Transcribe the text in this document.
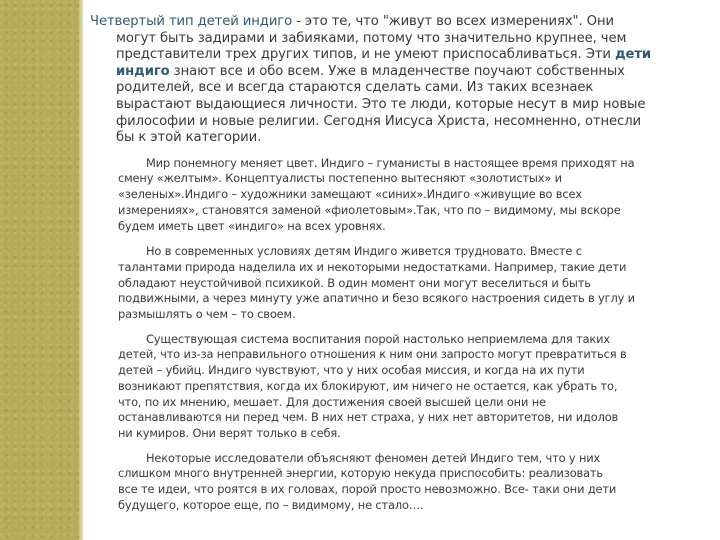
Четвертый тип детей индиго - это те, что "живут во всех измерениях". Они
могут быть задирами и забияками, потому что значительно крупнее, чем
представители трех других типов, и не умеют приспосабливаться. Эти дети
индиго знают все и обо всем. Уже в младенчестве поучают собственных
родителей, все и всегда стараются сделать сами. Из таких всезнаек
вырастают выдающиеся личности. Это те люди, которые несут в мир новые
философии и новые религии. Сегодня Иисуса Христа, несомненно, отнесли
бы к этой категории.

Мир понемногу меняет цвет. Индиго – гуманисты в настоящее время приходят на
смену «желтым». Концептуалисты постепенно вытесняют «золотистых» и
«зеленых».Индиго – художники замещают «синих».Индиго «живущие во всех
измерениях», становятся заменой «фиолетовым».Так, что по – видимому, мы вскоре
будем иметь цвет «индиго» на всех уровнях.

Но в современных условиях детям Индиго живется трудновато. Вместе с
талантами природа наделила их и некоторыми недостатками. Например, такие дети
обладают неустойчивой психикой. В один момент они могут веселиться и быть
подвижными, а через минуту уже апатично и безо всякого настроения сидеть в углу и
размышлять о чем – то своем.

Существующая система воспитания порой настолько неприемлема для таких
детей, что из-за неправильного отношения к ним они запросто могут превратиться в
детей – убийц. Индиго чувствуют, что у них особая миссия, и когда на их пути
возникают препятствия, когда их блокируют, им ничего не остается, как убрать то,
что, по их мнению, мешает. Для достижения своей высшей цели они не
останавливаются ни перед чем. В них нет страха, у них нет авторитетов, ни идолов
ни кумиров. Они верят только в себя.

Некоторые исследователи объясняют феномен детей Индиго тем, что у них
слишком много внутренней энергии, которую некуда приспособить: реализовать
все те идеи, что роятся в их головах, порой просто невозможно. Все- таки они дети
будущего, которое еще, по – видимому, не стало….
